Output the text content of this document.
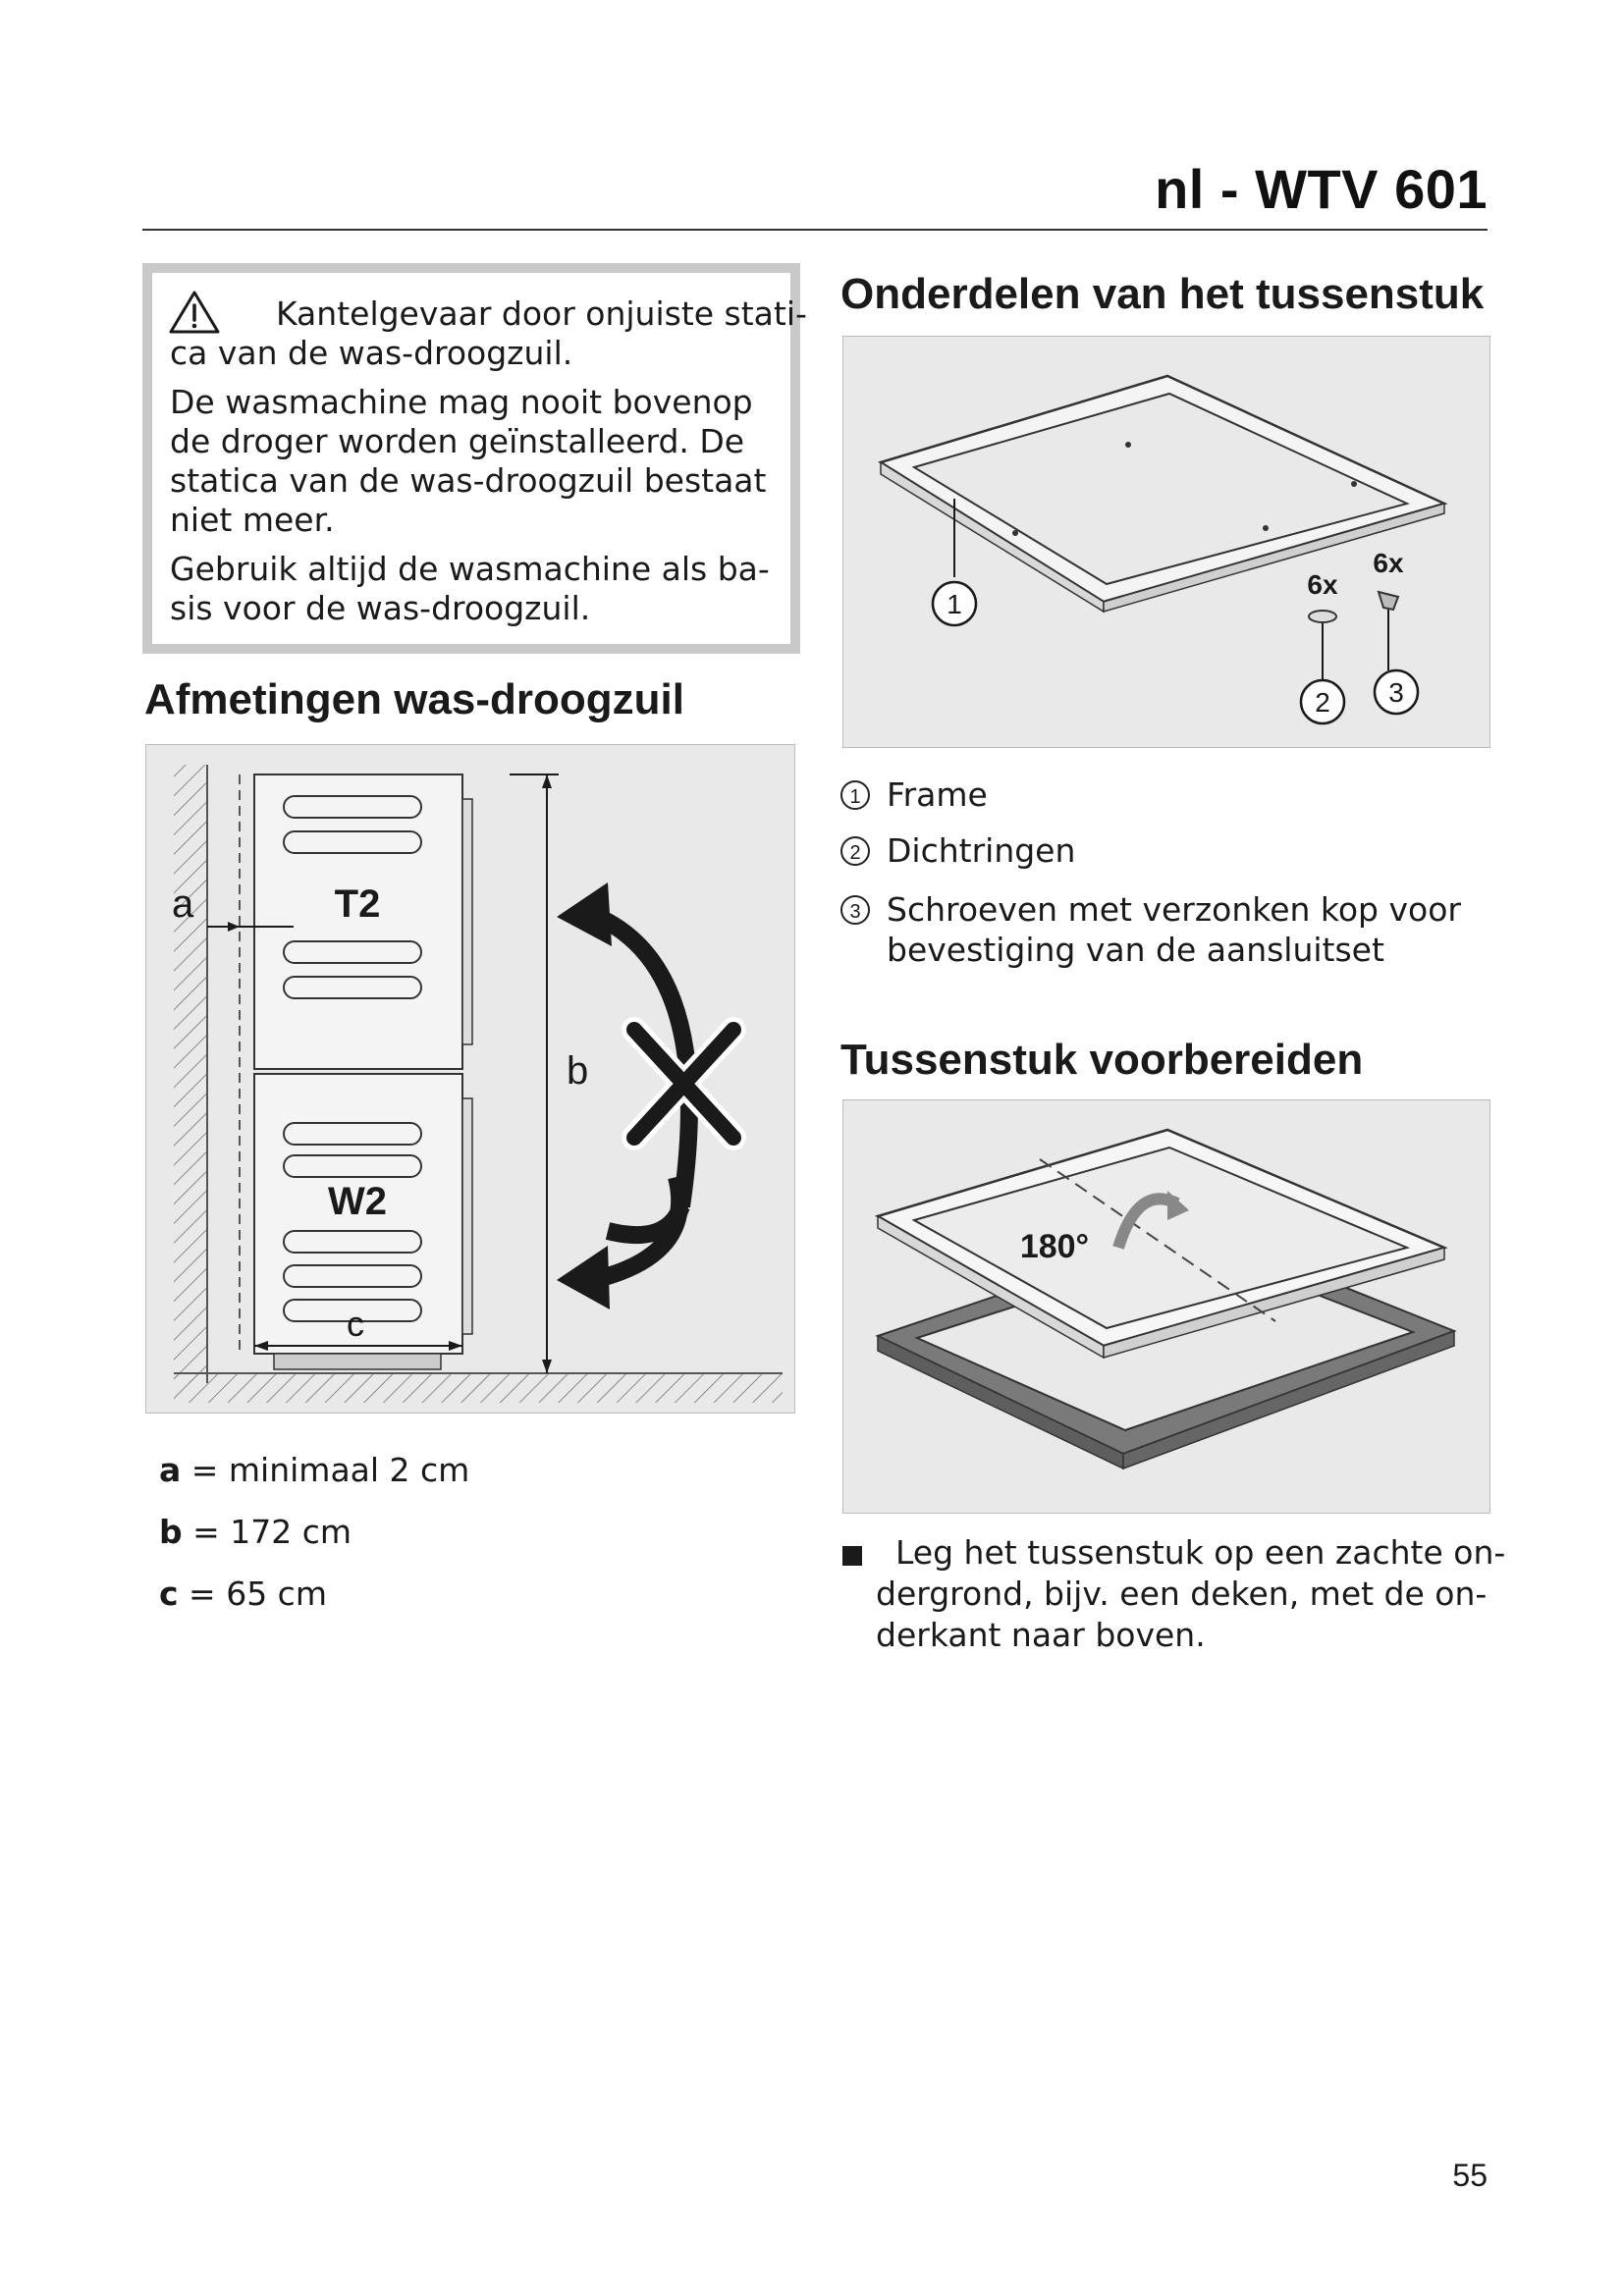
nl - WTV 601
Kantelgevaar door onjuiste stati-
ca van de was-droogzuil.
De wasmachine mag nooit bovenop
de droger worden geïnstalleerd. De
statica van de was-droogzuil bestaat
niet meer.
Gebruik altijd de wasmachine als ba-
sis voor de was-droogzuil.
Afmetingen was-droogzuil
T2
W2
a
c
b
a = minimaal 2 cm
b = 172 cm
c = 65 cm
Onderdelen van het tussenstuk
1
6x
2
6x
3
1 Frame
2 Dichtringen
3 Schroeven met verzonken kop voor
bevestiging van de aansluitset
Tussenstuk voorbereiden
180°
Leg het tussenstuk op een zachte on-
dergrond, bijv. een deken, met de on-
derkant naar boven.
55
